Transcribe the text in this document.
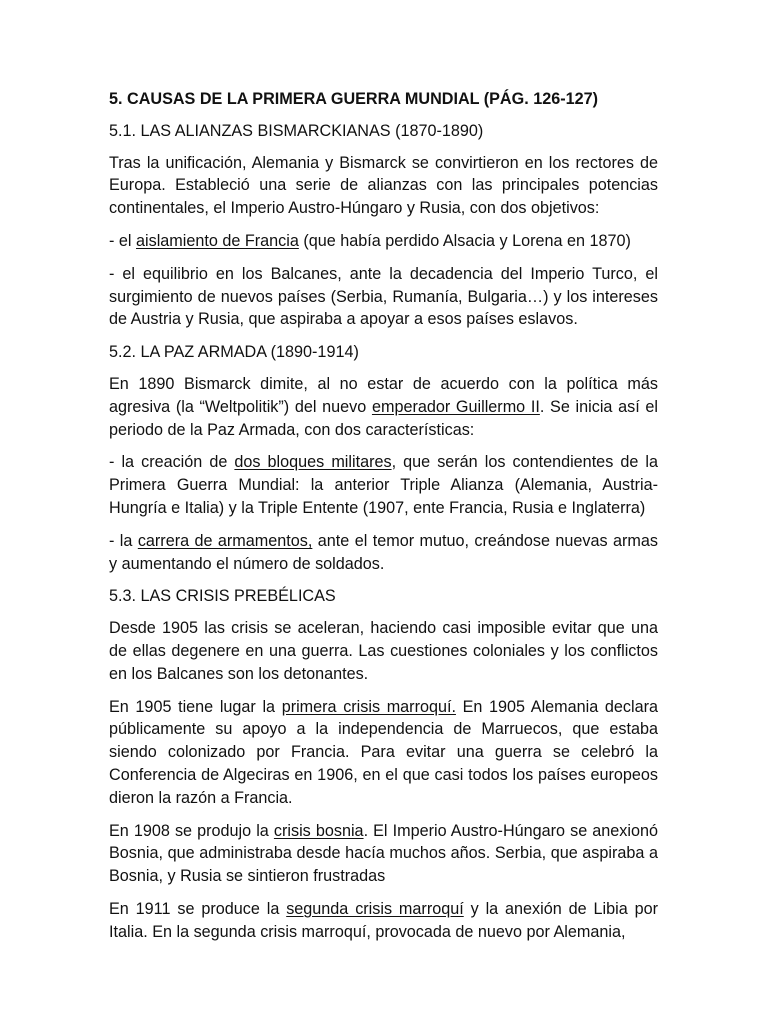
5. CAUSAS DE LA PRIMERA GUERRA MUNDIAL (PÁG. 126-127)

5.1. LAS ALIANZAS BISMARCKIANAS (1870-1890)

Tras la unificación, Alemania y Bismarck se convirtieron en los rectores de Europa. Estableció una serie de alianzas con las principales potencias continentales, el Imperio Austro-Húngaro y Rusia, con dos objetivos:

- el aislamiento de Francia (que había perdido Alsacia y Lorena en 1870)

- el equilibrio en los Balcanes, ante la decadencia del Imperio Turco, el surgimiento de nuevos países (Serbia, Rumanía, Bulgaria…) y los intereses de Austria y Rusia, que aspiraba a apoyar a esos países eslavos.

5.2. LA PAZ ARMADA (1890-1914)

En 1890 Bismarck dimite, al no estar de acuerdo con la política más agresiva (la “Weltpolitik”) del nuevo emperador Guillermo II. Se inicia así el periodo de la Paz Armada, con dos características:

- la creación de dos bloques militares, que serán los contendientes de la Primera Guerra Mundial: la anterior Triple Alianza (Alemania, Austria-Hungría e Italia) y la Triple Entente (1907, ente Francia, Rusia e Inglaterra)

- la carrera de armamentos, ante el temor mutuo, creándose nuevas armas y aumentando el número de soldados.

5.3. LAS CRISIS PREBÉLICAS

Desde 1905 las crisis se aceleran, haciendo casi imposible evitar que una de ellas degenere en una guerra. Las cuestiones coloniales y los conflictos en los Balcanes son los detonantes.

En 1905 tiene lugar la primera crisis marroquí. En 1905 Alemania declara públicamente su apoyo a la independencia de Marruecos, que estaba siendo colonizado por Francia. Para evitar una guerra se celebró la Conferencia de Algeciras en 1906, en el que casi todos los países europeos dieron la razón a Francia.

En 1908 se produjo la crisis bosnia. El Imperio Austro-Húngaro se anexionó Bosnia, que administraba desde hacía muchos años. Serbia, que aspiraba a Bosnia, y Rusia se sintieron frustradas

En 1911 se produce la segunda crisis marroquí y la anexión de Libia por Italia. En la segunda crisis marroquí, provocada de nuevo por Alemania,
